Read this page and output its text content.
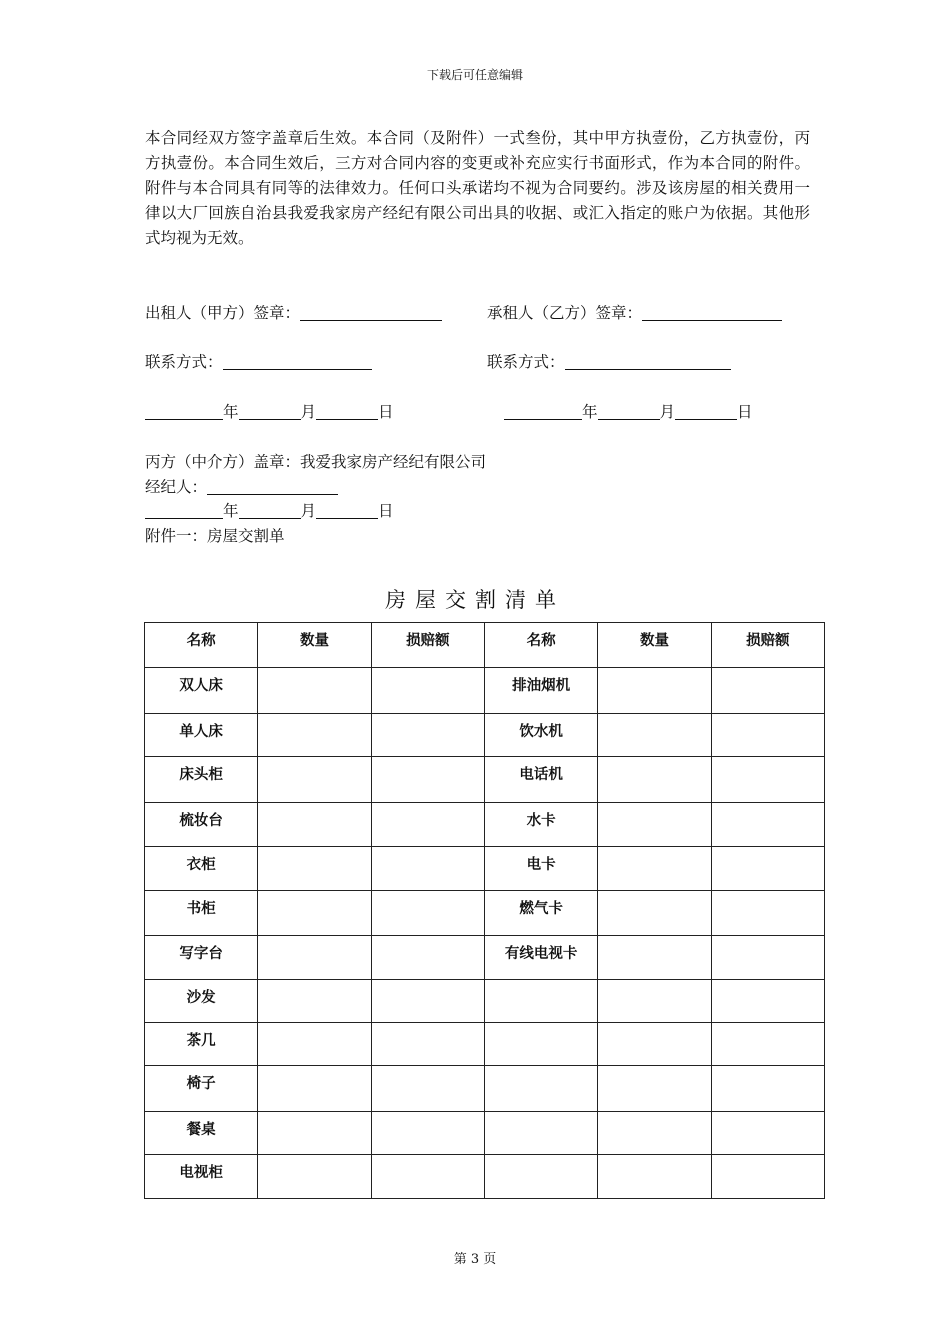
下载后可任意编辑

本合同经双方签字盖章后生效。本合同（及附件）一式叁份，其中甲方执壹份，乙方执壹份，丙方执壹份。本合同生效后，三方对合同内容的变更或补充应实行书面形式，作为本合同的附件。附件与本合同具有同等的法律效力。任何口头承诺均不视为合同要约。涉及该房屋的相关费用一律以大厂回族自治县我爱我家房产经纪有限公司出具的收据、或汇入指定的账户为依据。其他形式均视为无效。

出租人（甲方）签章：	承租人（乙方）签章：
联系方式：	联系方式：
年	月	日	年	月	日
丙方（中介方）盖章：我爱我家房产经纪有限公司
经纪人：
年	月	日
附件一：房屋交割单
房屋交割清单
名称	数量	损赔额	名称	数量	损赔额
双人床			排油烟机		
单人床			饮水机		
床头柜			电话机		
梳妆台			水卡		
衣柜			电卡		
书柜			燃气卡		
写字台			有线电视卡		
沙发					
茶几					
椅子					
餐桌					
电视柜					
第 3 页
